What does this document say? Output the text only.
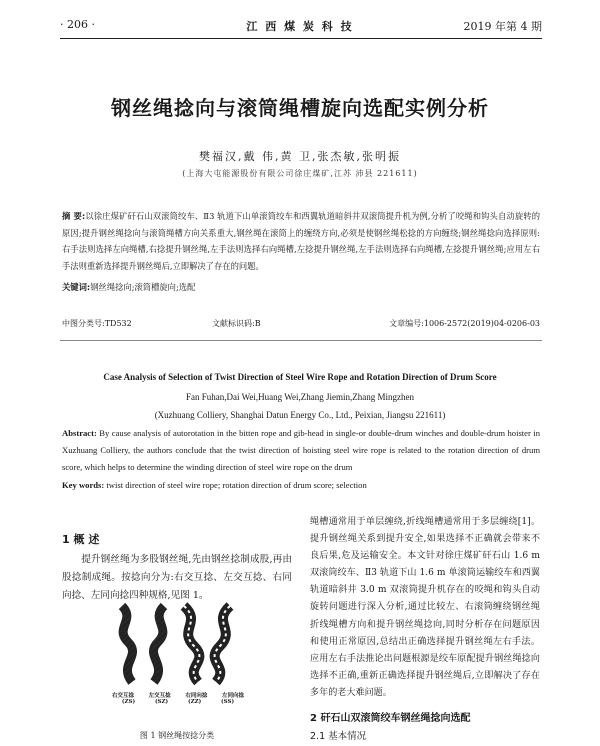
· 206 ·	江 西 煤 炭 科 技	2019 年第 4 期
钢丝绳捻向与滚筒绳槽旋向选配实例分析
樊福汉,戴 伟,黄 卫,张杰敏,张明振
(上海大屯能源股份有限公司徐庄煤矿,江苏 沛县 221611)
摘 要:以徐庄煤矿矸石山双滚筒绞车、Ⅱ3 轨道下山单滚筒绞车和西翼轨道暗斜井双滚筒提升机为例,分析了咬绳和钩头自动旋转的原因;提升钢丝绳捻向与滚筒绳槽方向关系重大,钢丝绳在滚筒上的缠绕方向,必须是使钢丝绳松捻的方向缠绕;钢丝绳捻向选择原则:右手法则选择左向绳槽,右捻提升钢丝绳,左手法则选择右向绳槽,左捻提升钢丝绳,左手法则选择右向绳槽,左捻提升钢丝绳;应用左右手法则重新选择提升钢丝绳后,立即解决了存在的问题。
关键词:钢丝绳捻向;滚筒槽旋向;选配
中图分类号:TD532	文献标识码:B	文章编号:1006-2572(2019)04-0206-03
Case Analysis of Selection of Twist Direction of Steel Wire Rope and Rotation Direction of Drum Score
Fan Fuhan,Dai Wei,Huang Wei,Zhang Jiemin,Zhang Mingzhen
(Xuzhuang Colliery, Shanghai Datun Energy Co., Ltd., Peixian, Jiangsu 221611)
Abstract: By cause analysis of autorotation in the bitten rope and gib-head in single-or double-drum winches and double-drum hoister in Xuzhuang Colliery, the authors conclude that the twist direction of hoisting steel wire rope is related to the rotation direction of drum score, which helps to determine the winding direction of steel wire rope on the drum
Key words: twist direction of steel wire rope; rotation direction of drum score; selection
1 概 述
提升钢丝绳为多股钢丝绳,先由钢丝捻制成股,再由股捻制成绳。按捻向分为:右交互捻、左交互捻、右同向捻、左同向捻四种规格,见图 1。
右交互捻	左交互捻	右同向捻	左同向捻
(ZS)	(SZ)	(ZZ)	(SS)
图 1 钢丝绳按捻分类
绳槽通常用于单层缠绕,折线绳槽通常用于多层缠绕[1]。提升钢丝绳关系到提升安全,如果选择不正确就会带来不良后果,危及运输安全。本文针对徐庄煤矿矸石山 1.6 m 双滚筒绞车、Ⅱ3 轨道下山 1.6 m 单滚筒运输绞车和西翼轨道暗斜井 3.0 m 双滚筒提升机存在的咬绳和钩头自动旋转问题进行深入分析,通过比较左、右滚筒缠绕钢丝绳折线绳槽方向和提升钢丝绳捻向,同时分析存在问题原因和使用正常原因,总结出正确选择提升钢丝绳左右手法。应用左右手法推论出问题根源是绞车原配提升钢丝绳捻向选择不正确,重新正确选择提升钢丝绳后,立即解决了存在多年的老大难问题。
2 矸石山双滚筒绞车钢丝绳捻向选配
2.1 基本情况
